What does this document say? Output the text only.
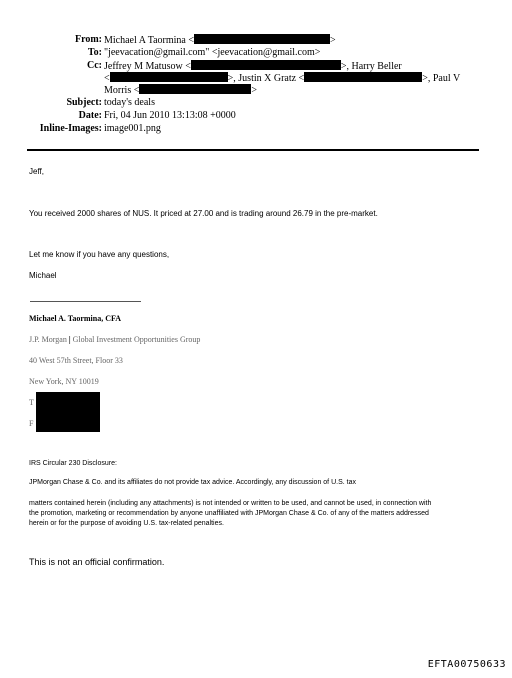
From: Michael A Taormina <	>
To: "jeevacation@gmail.com" <jeevacation@gmail.com>
Cc: Jeffrey M Matusow <	>, Harry Beller
<	>, Justin X Gratz <	>, Paul V
Morris <	>
Subject: today's deals
Date: Fri, 04 Jun 2010 13:13:08 +0000
Inline-Images: image001.png
Jeff,
You received 2000 shares of NUS. It priced at 27.00 and is trading around 26.79 in the pre-market.
Let me know if you have any questions,
Michael
Michael A. Taormina, CFA
J.P. Morgan | Global Investment Opportunities Group
40 West 57th Street, Floor 33
New York, NY 10019
T
F
IRS Circular 230 Disclosure:
JPMorgan Chase & Co. and its affiliates do not provide tax advice. Accordingly, any discussion of U.S. tax
matters contained herein (including any attachments) is not intended or written to be used, and cannot be used, in connection with
the promotion, marketing or recommendation by anyone unaffiliated with JPMorgan Chase & Co. of any of the matters addressed
herein or for the purpose of avoiding U.S. tax-related penalties.
This is not an official confirmation.
EFTA00750633
